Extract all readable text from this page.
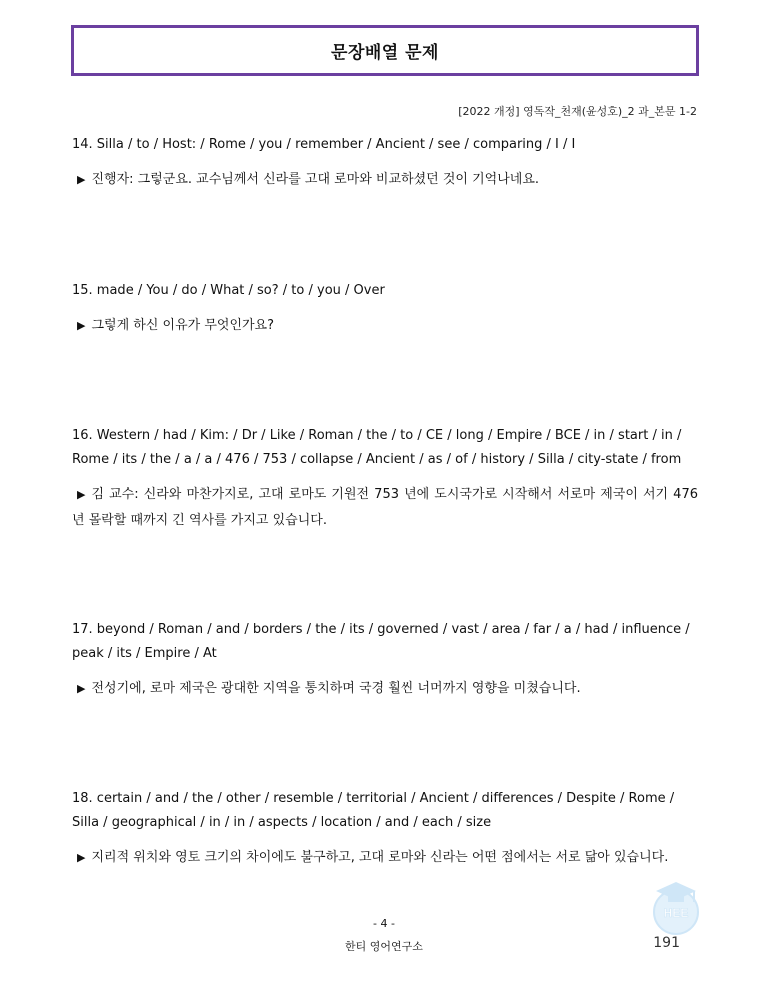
문장배열 문제
[2022 개정] 영독작_천재(윤성호)_2 과_본문 1-2

14. Silla / to / Host: / Rome / you / remember / Ancient / see / comparing / I / I

▶ 진행자: 그렇군요. 교수님께서 신라를 고대 로마와 비교하셨던 것이 기억나네요.

15. made / You / do / What / so? / to / you / Over

▶ 그렇게 하신 이유가 무엇인가요?

16. Western / had / Kim: / Dr / Like / Roman / the / to / CE / long / Empire / BCE / in / start / in / Rome / its / the / a / a / 476 / 753 / collapse / Ancient / as / of / history / Silla / city-state / from

▶ 김 교수: 신라와 마찬가지로, 고대 로마도 기원전 753 년에 도시국가로 시작해서 서로마 제국이 서기 476 년 몰락할 때까지 긴 역사를 가지고 있습니다.

17. beyond / Roman / and / borders / the / its / governed / vast / area / far / a / had / influence / peak / its / Empire / At

▶ 전성기에, 로마 제국은 광대한 지역을 통치하며 국경 훨씬 너머까지 영향을 미쳤습니다.

18. certain / and / the / other / resemble / territorial / Ancient / differences / Despite / Rome / Silla / geographical / in / in / aspects / location / and / each / size

▶ 지리적 위치와 영토 크기의 차이에도 불구하고, 고대 로마와 신라는 어떤 점에서는 서로 닮아 있습니다.

HEE
- 4 -
한티 영어연구소	191
